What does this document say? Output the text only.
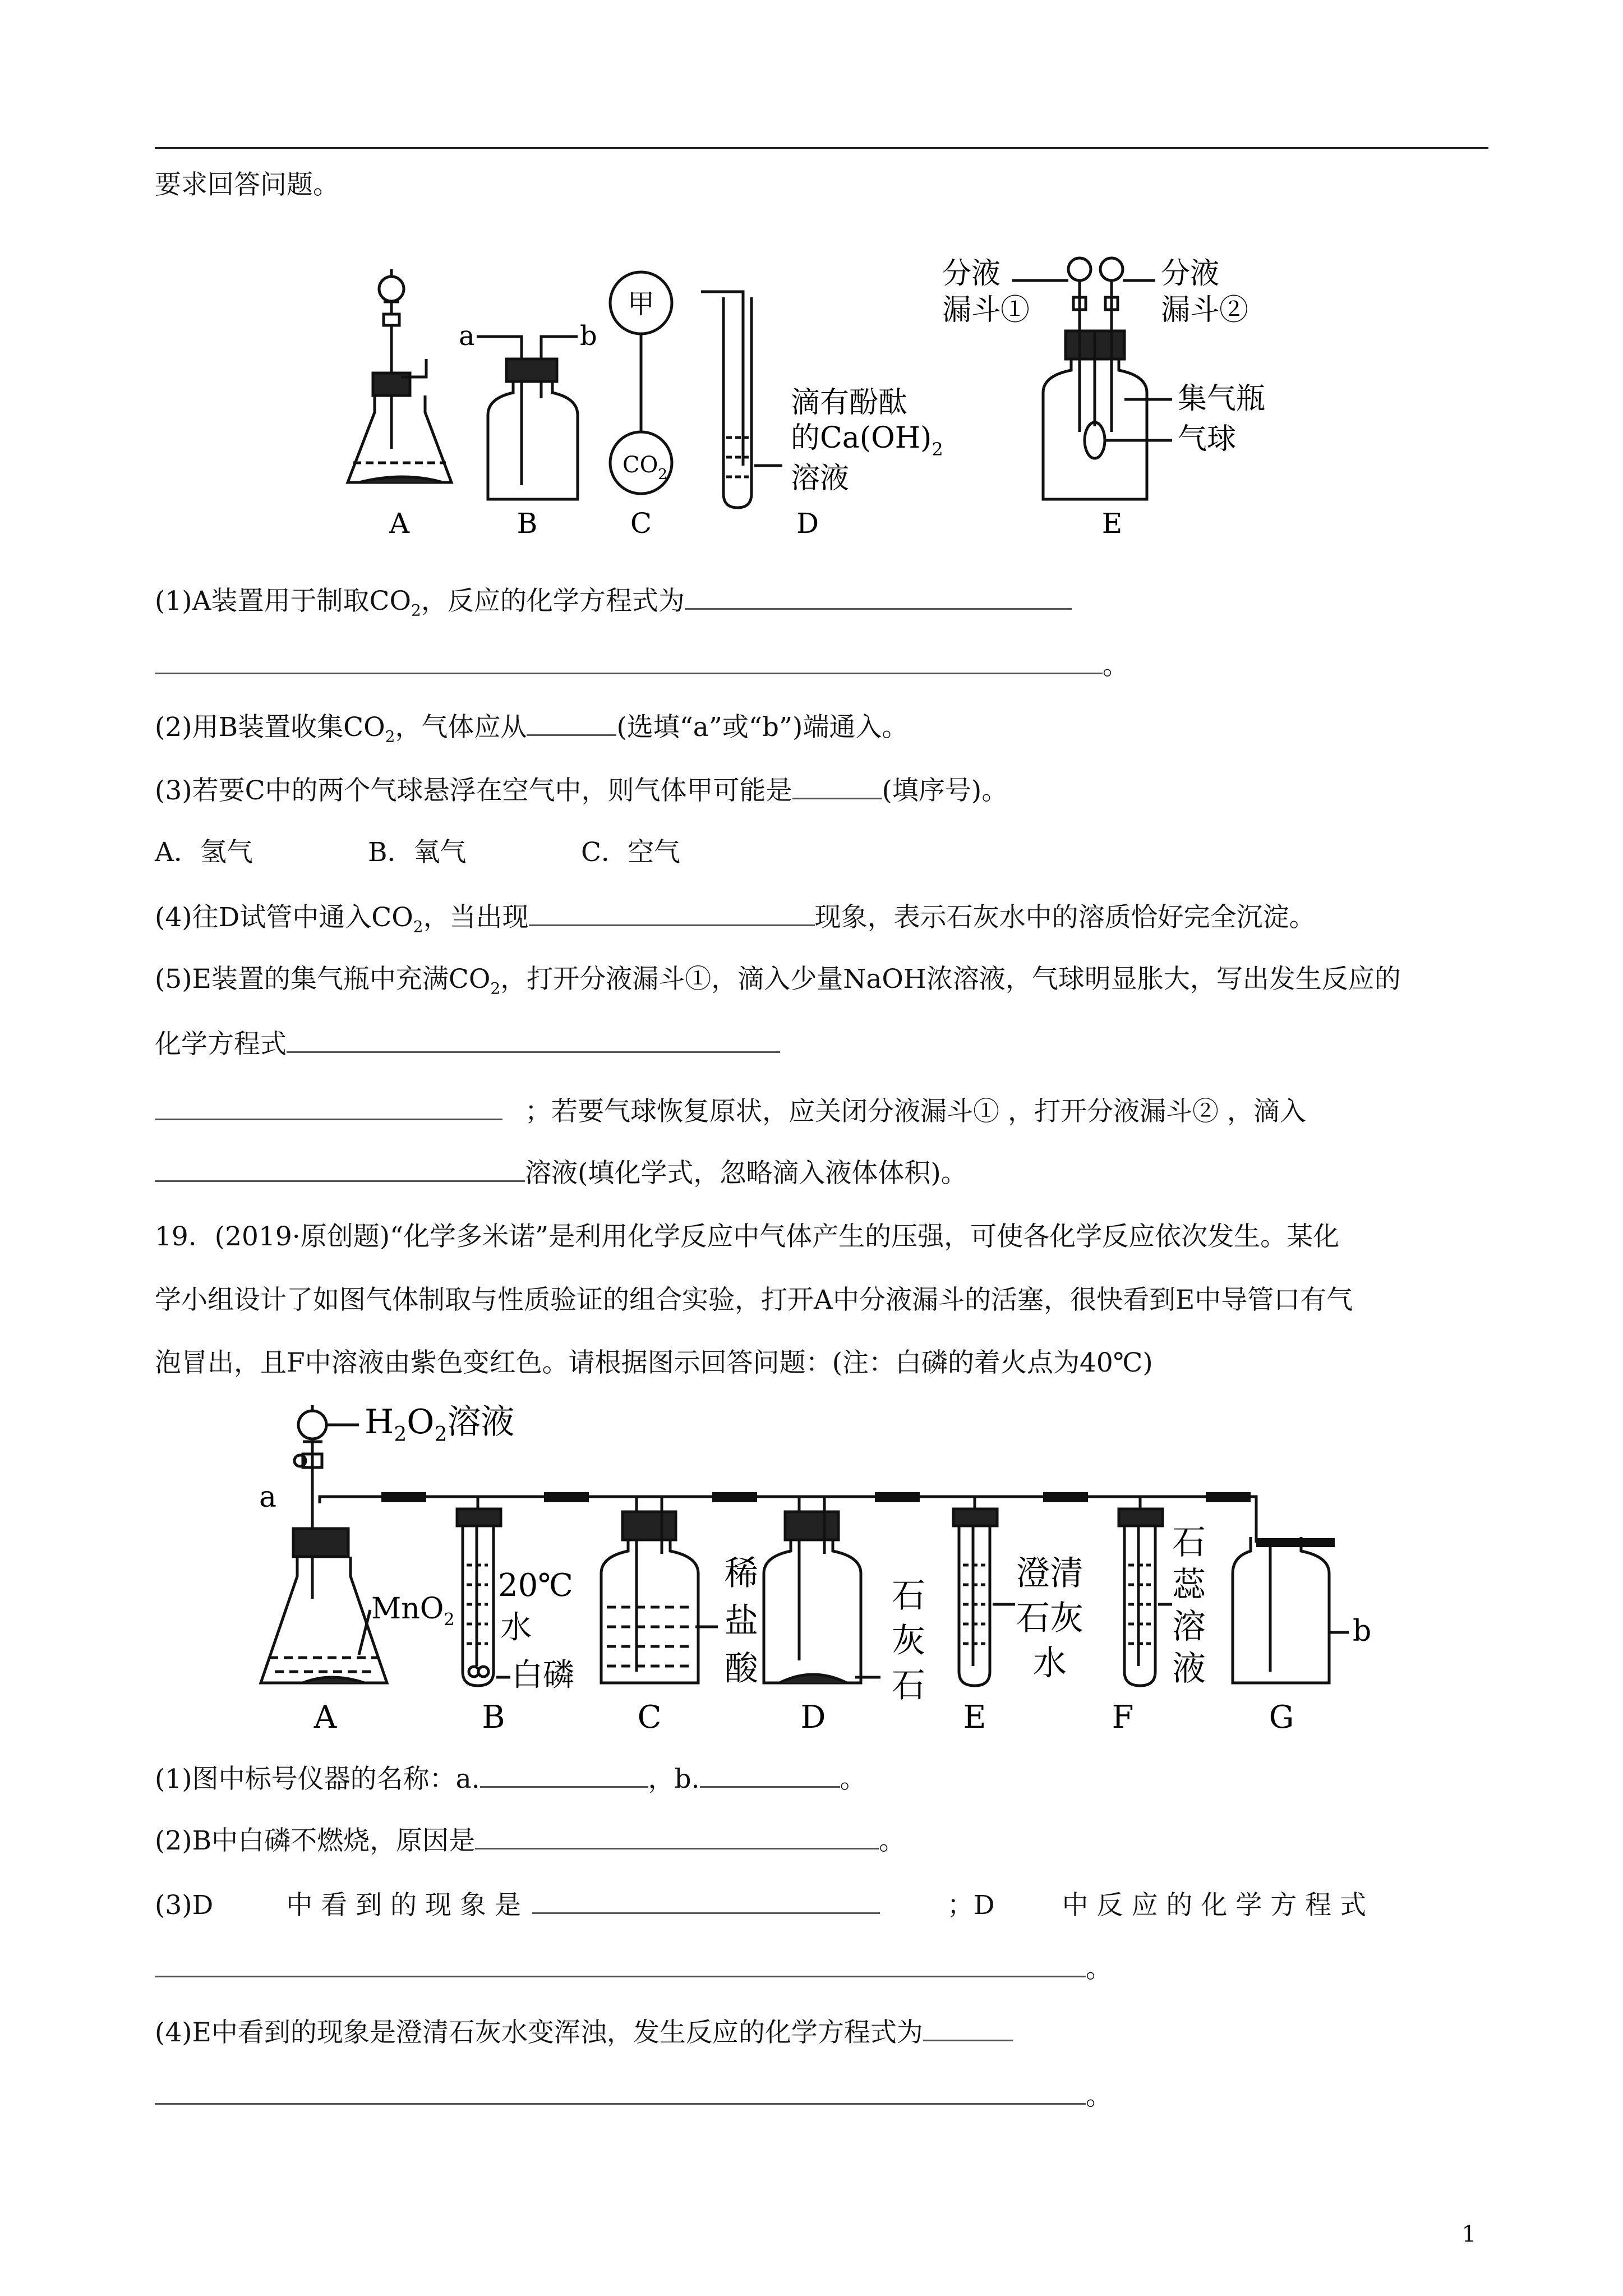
要求回答问题。
甲
$CO_2$
a	b
滴有酚酞
的$Ca(OH)_2$
溶液
分液
漏斗①
分液
漏斗②
集气瓶
气球
A	B	C	D	E
(1)A装置用于制取$CO_2$，反应的化学方程式为
。
(2)用B装置收集$CO_2$，气体应从	(选填“a”或“b”)端通入。
(3)若要C中的两个气球悬浮在空气中，则气体甲可能是	(填序号)。
A．氢气	B．氧气	C．空气
(4)往D试管中通入$CO_2$，当出现	现象，表示石灰水中的溶质恰好完全沉淀。
(5)E装置的集气瓶中充满$CO_2$，打开分液漏斗①，滴入少量NaOH浓溶液，气球明显胀大，写出发生反应的
化学方程式
；若要气球恢复原状，应关闭分液漏斗① ，打开分液漏斗② ，滴入
溶液(填化学式，忽略滴入液体体积)。
19．(2019·原创题)“化学多米诺”是利用化学反应中气体产生的压强，可使各化学反应依次发生。某化
学小组设计了如图气体制取与性质验证的组合实验，打开A中分液漏斗的活塞，很快看到E中导管口有气
泡冒出，且F中溶液由紫色变红色。请根据图示回答问题：(注：白磷的着火点为40℃)
$H_2O_2$溶液
a
MnO$_2$
20℃
水
白磷
稀
盐
酸
石
灰
石
澄清
石灰
水
石
蕊
溶
液
b
A	B	C	D	E	F	G
(1)图中标号仪器的名称：a.	，b.	。
(2)B中白磷不燃烧，原因是	。
(3)D	中 看 到 的 现 象 是	；D	中 反 应 的 化 学 方 程 式
。
(4)E中看到的现象是澄清石灰水变浑浊，发生反应的化学方程式为
。
1
